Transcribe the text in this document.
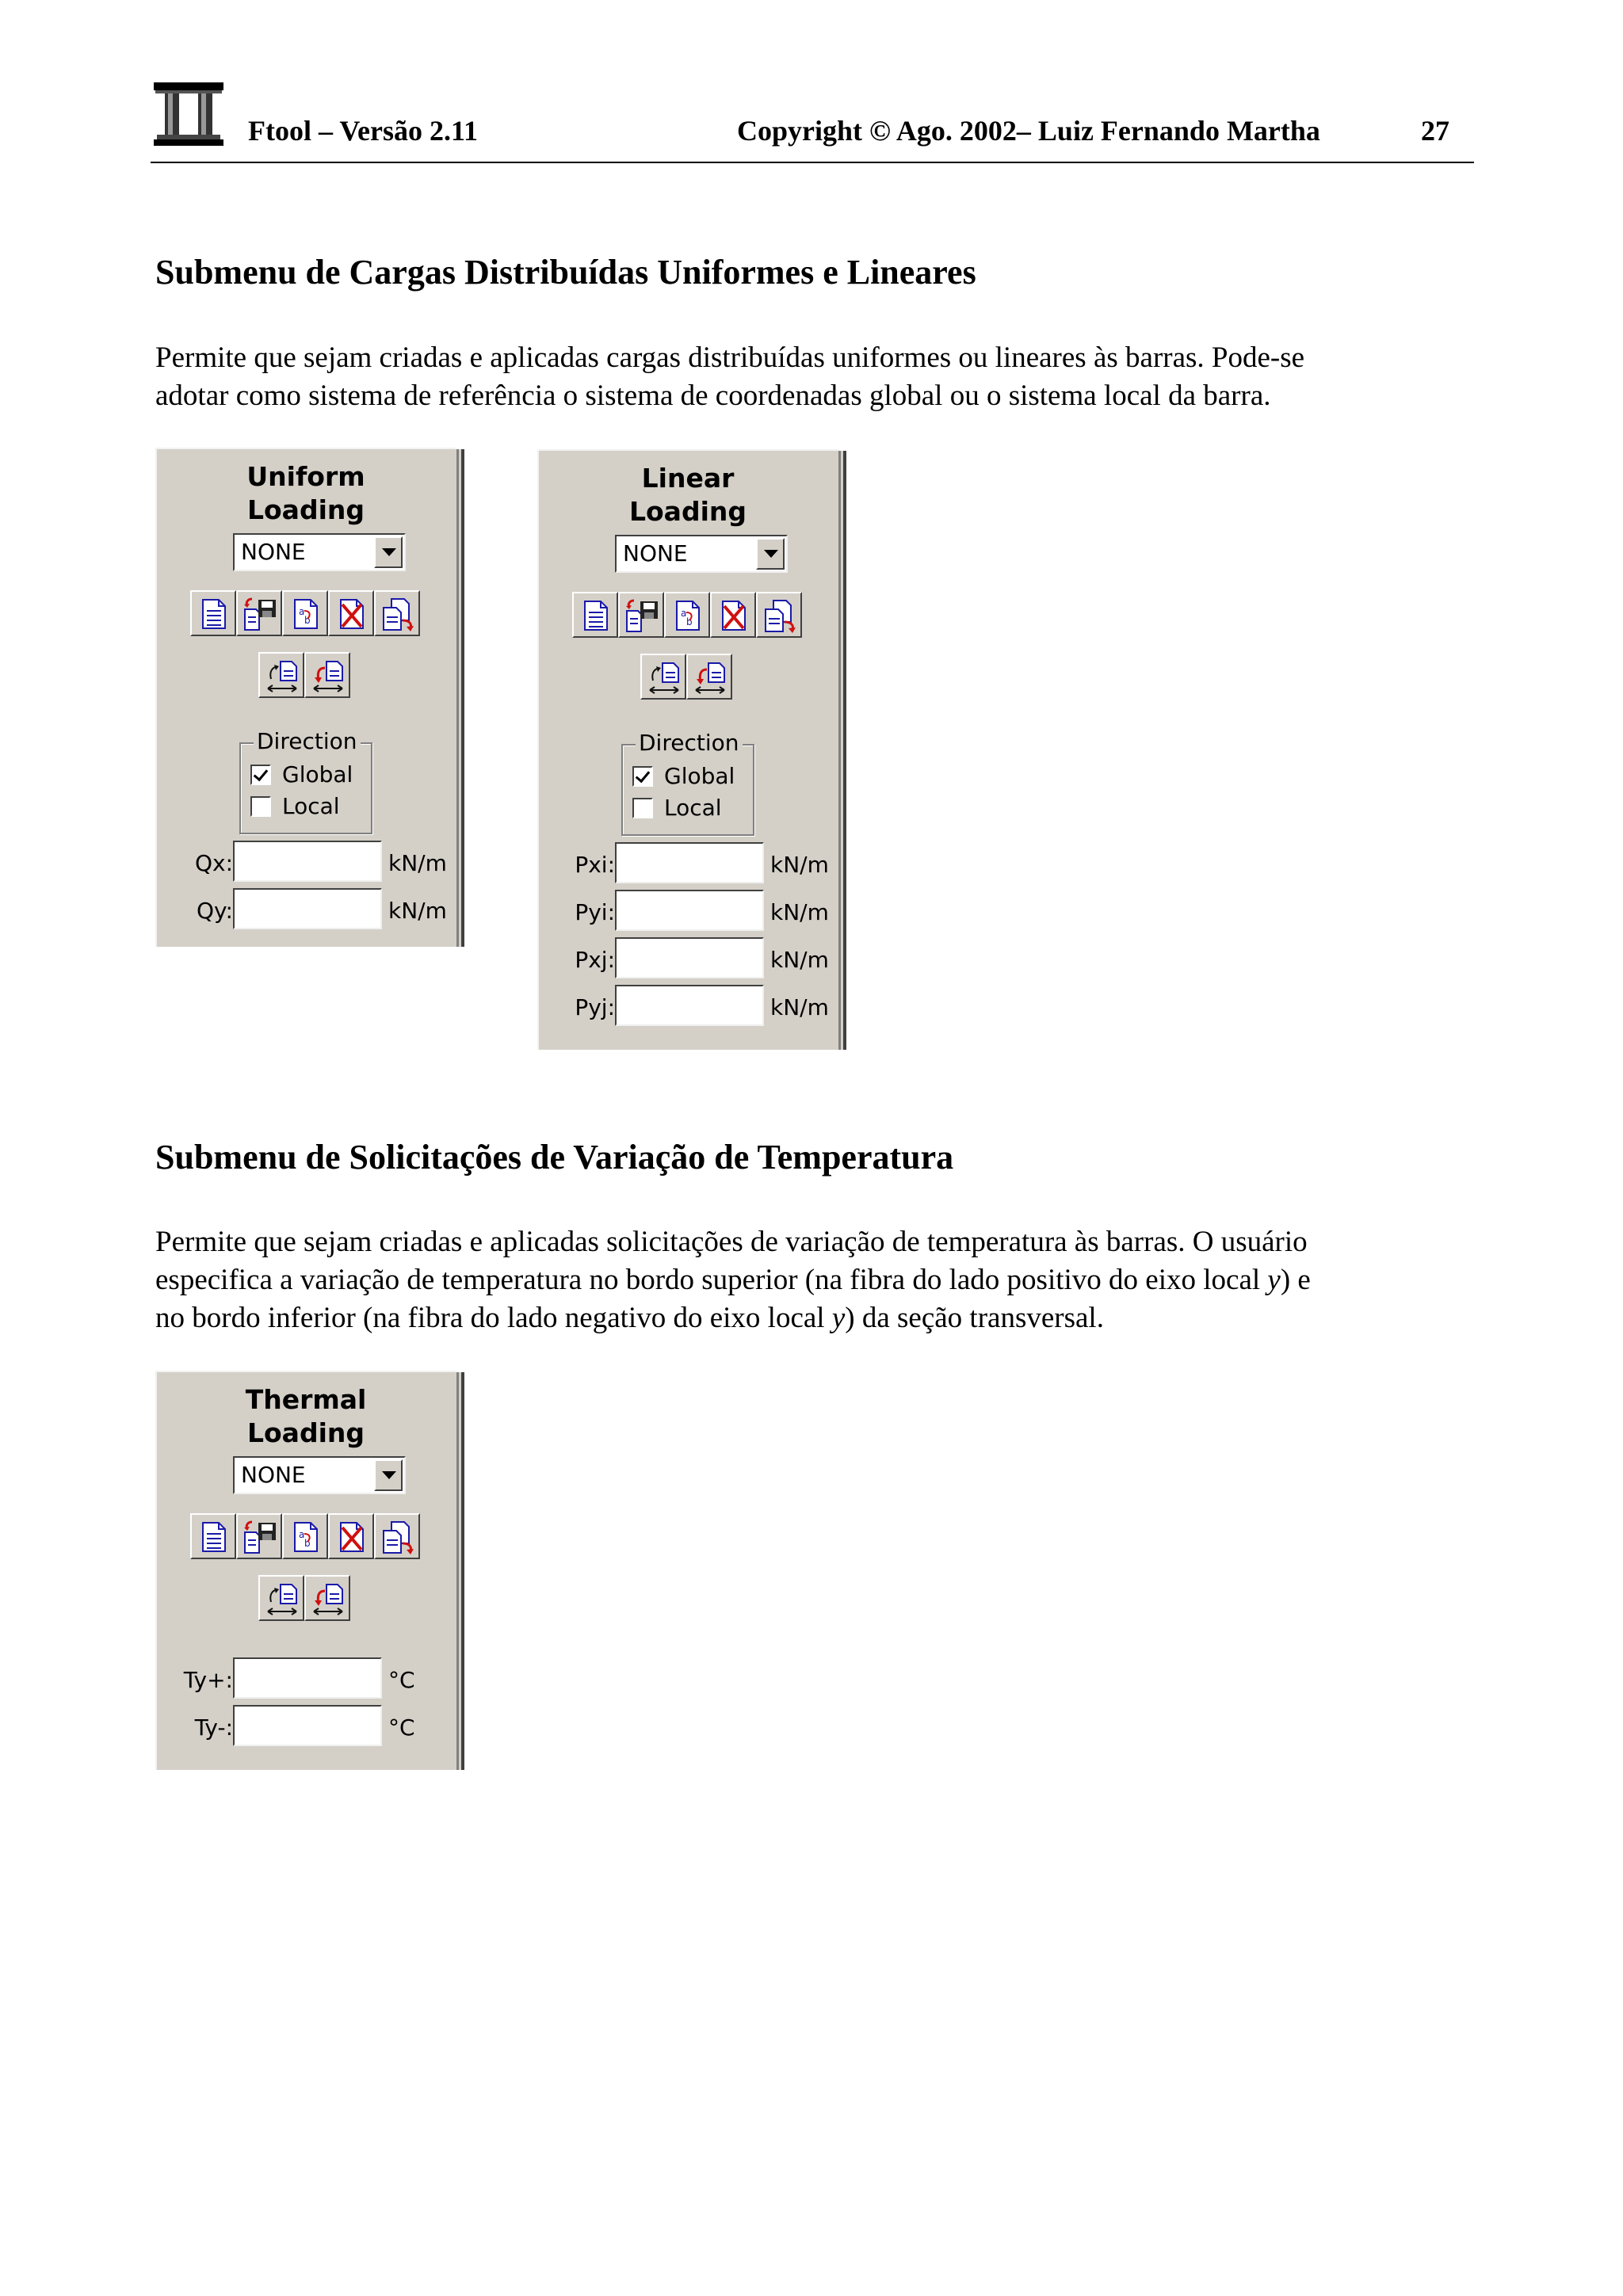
Ftool – Versão 2.11	Copyright © Ago. 2002– Luiz Fernando Martha	27
Submenu de Cargas Distribuídas Uniformes e Lineares

Permite que sejam criadas e aplicadas cargas distribuídas uniformes ou lineares às barras. Pode-se

adotar como sistema de referência o sistema de coordenadas global ou o sistema local da barra.

Uniform
Loading
NONE
a
b
Direction
Global
Local
Qx:	kN/m
Qy:	kN/m
Linear
Loading
NONE
a
b
Direction
Global
Local
Pxi:	kN/m
Pyi:	kN/m
Pxj:	kN/m
Pyj:	kN/m
Submenu de Solicitações de Variação de Temperatura

Permite que sejam criadas e aplicadas solicitações de variação de temperatura às barras. O usuário

especifica a variação de temperatura no bordo superior (na fibra do lado positivo do eixo local y) e

no bordo inferior (na fibra do lado negativo do eixo local y) da seção transversal.

Thermal
Loading
NONE
a
b
Ty+:	°C
Ty-:	°C
